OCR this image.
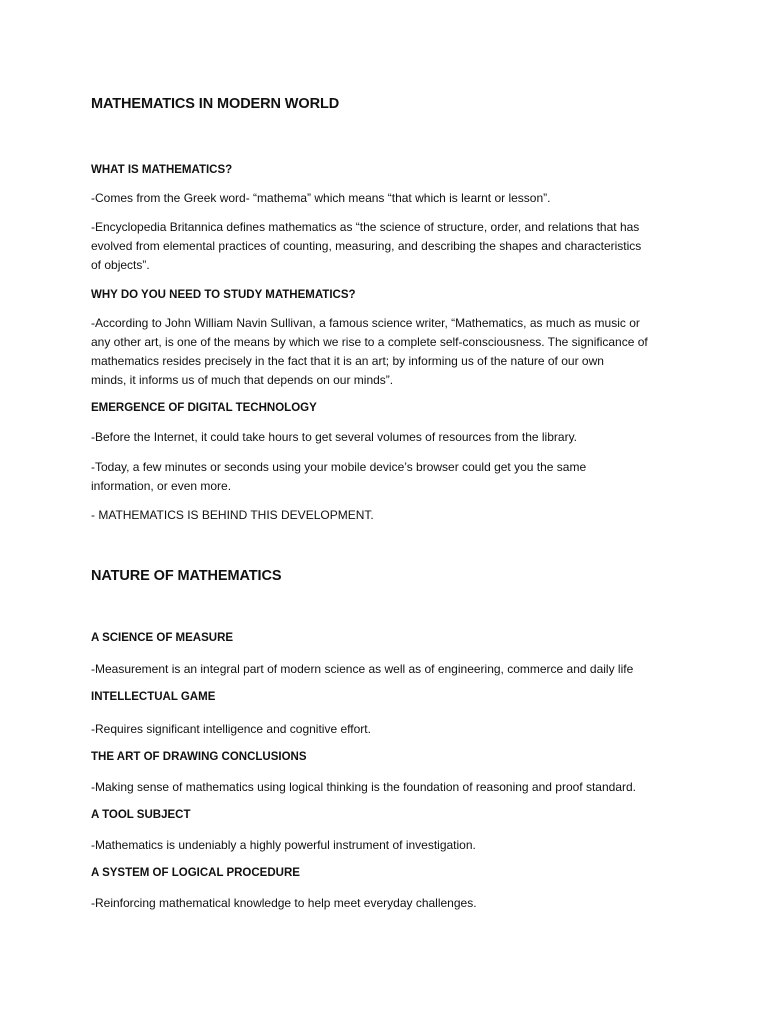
MATHEMATICS IN MODERN WORLD
WHAT IS MATHEMATICS?
-Comes from the Greek word- “mathema” which means “that which is learnt or lesson”.
-Encyclopedia Britannica defines mathematics as “the science of structure, order, and relations that has
evolved from elemental practices of counting, measuring, and describing the shapes and characteristics
of objects”.
WHY DO YOU NEED TO STUDY MATHEMATICS?
-According to John William Navin Sullivan, a famous science writer, “Mathematics, as much as music or
any other art, is one of the means by which we rise to a complete self-consciousness. The significance of
mathematics resides precisely in the fact that it is an art; by informing us of the nature of our own
minds, it informs us of much that depends on our minds”.
EMERGENCE OF DIGITAL TECHNOLOGY
-Before the Internet, it could take hours to get several volumes of resources from the library.
-Today, a few minutes or seconds using your mobile device’s browser could get you the same
information, or even more.
- MATHEMATICS IS BEHIND THIS DEVELOPMENT.
NATURE OF MATHEMATICS
A SCIENCE OF MEASURE
-Measurement is an integral part of modern science as well as of engineering, commerce and daily life
INTELLECTUAL GAME
-Requires significant intelligence and cognitive effort.
THE ART OF DRAWING CONCLUSIONS
-Making sense of mathematics using logical thinking is the foundation of reasoning and proof standard.
A TOOL SUBJECT
-Mathematics is undeniably a highly powerful instrument of investigation.
A SYSTEM OF LOGICAL PROCEDURE
-Reinforcing mathematical knowledge to help meet everyday challenges.
